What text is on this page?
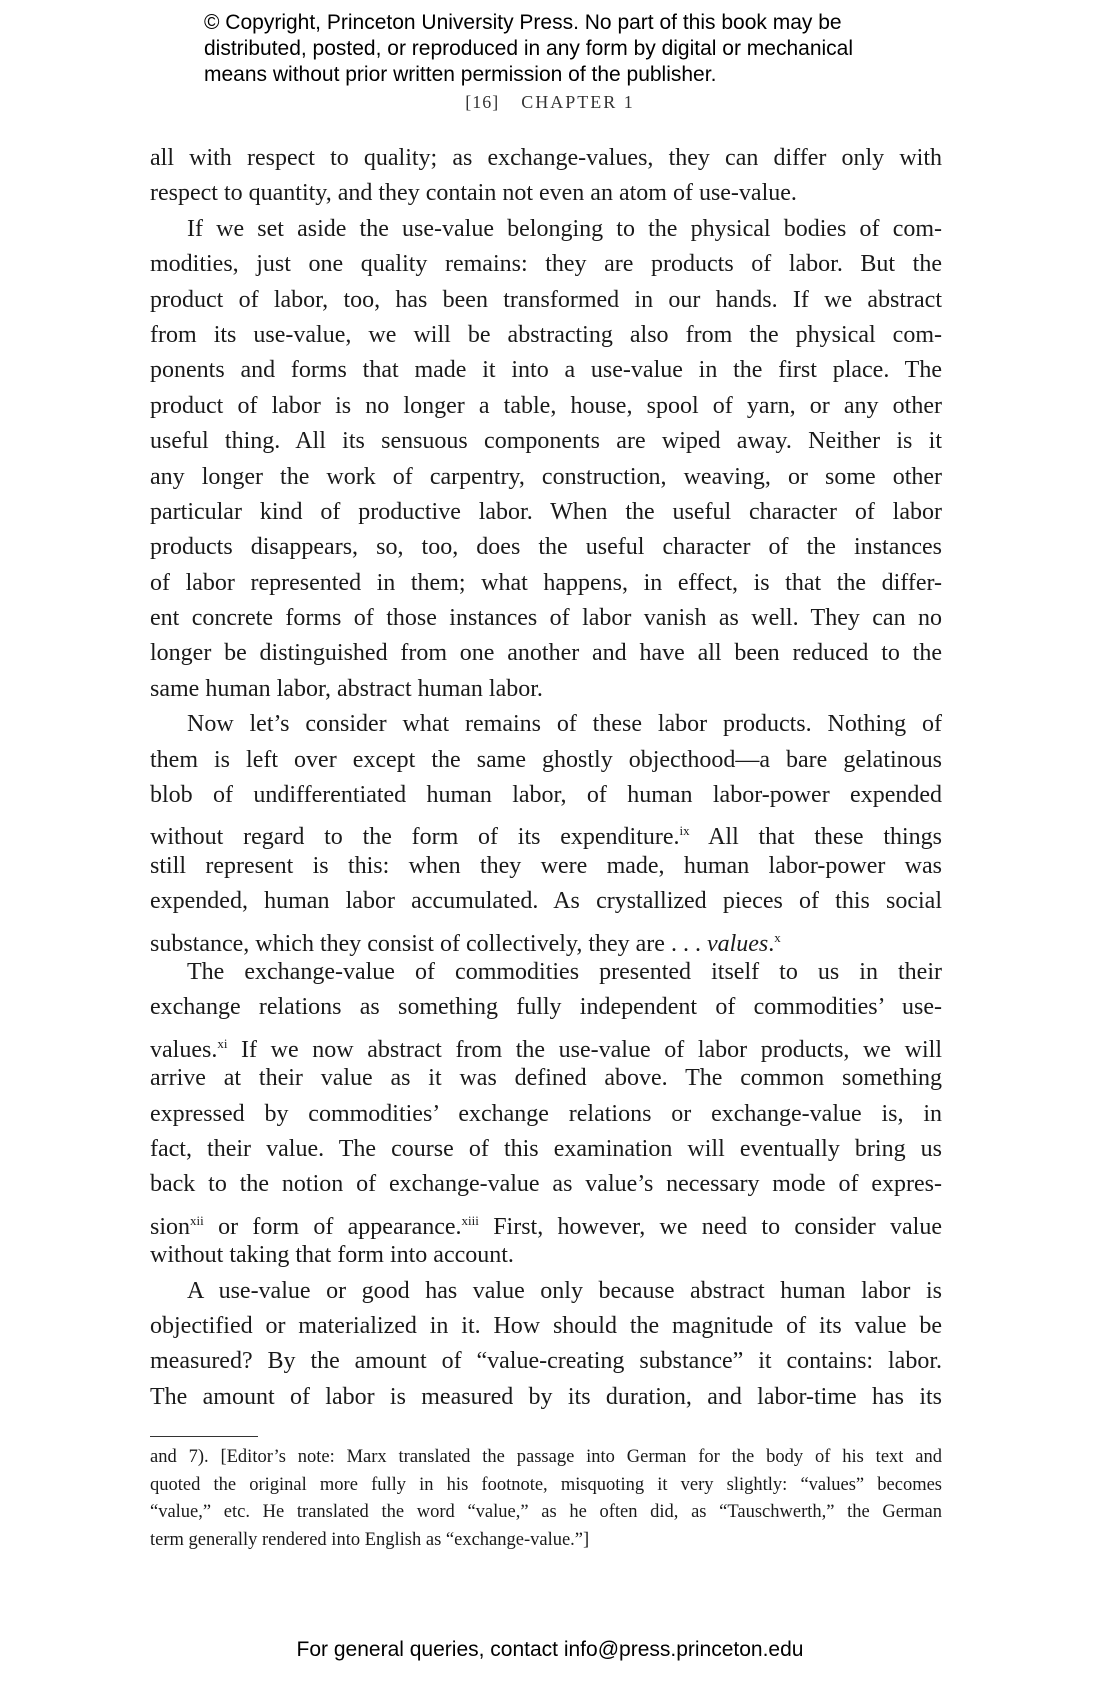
© Copyright, Princeton University Press. No part of this book may be
distributed, posted, or reproduced in any form by digital or mechanical
means without prior written permission of the publisher.
[16] CHAPTER 1
all with respect to quality; as exchange-values, they can differ only with
respect to quantity, and they contain not even an atom of use-value.
If we set aside the use-value belonging to the physical bodies of com-
modities, just one quality remains: they are products of labor. But the
product of labor, too, has been transformed in our hands. If we abstract
from its use-value, we will be abstracting also from the physical com-
ponents and forms that made it into a use-value in the first place. The
product of labor is no longer a table, house, spool of yarn, or any other
useful thing. All its sensuous components are wiped away. Neither is it
any longer the work of carpentry, construction, weaving, or some other
particular kind of productive labor. When the useful character of labor
products disappears, so, too, does the useful character of the instances
of labor represented in them; what happens, in effect, is that the differ-
ent concrete forms of those instances of labor vanish as well. They can no
longer be distinguished from one another and have all been reduced to the
same human labor, abstract human labor.
Now let’s consider what remains of these labor products. Nothing of
them is left over except the same ghostly objecthood—a bare gelatinous
blob of undifferentiated human labor, of human labor-power expended
without regard to the form of its expenditure.$^{ix}$ All that these things
still represent is this: when they were made, human labor-power was
expended, human labor accumulated. As crystallized pieces of this social
substance, which they consist of collectively, they are . . . values.$^x$
The exchange-value of commodities presented itself to us in their
exchange relations as something fully independent of commodities’ use-
values.$^{xi}$ If we now abstract from the use-value of labor products, we will
arrive at their value as it was defined above. The common something
expressed by commodities’ exchange relations or exchange-value is, in
fact, their value. The course of this examination will eventually bring us
back to the notion of exchange-value as value’s necessary mode of expres-
sion$^{xii}$ or form of appearance.$^{xiii}$ First, however, we need to consider value
without taking that form into account.
A use-value or good has value only because abstract human labor is
objectified or materialized in it. How should the magnitude of its value be
measured? By the amount of “value-creating substance” it contains: labor.
The amount of labor is measured by its duration, and labor-time has its
and 7). [Editor’s note: Marx translated the passage into German for the body of his text and
quoted the original more fully in his footnote, misquoting it very slightly: “values” becomes
“value,” etc. He translated the word “value,” as he often did, as “Tauschwerth,” the German
term generally rendered into English as “exchange-value.”]
For general queries, contact info@press.princeton.edu
